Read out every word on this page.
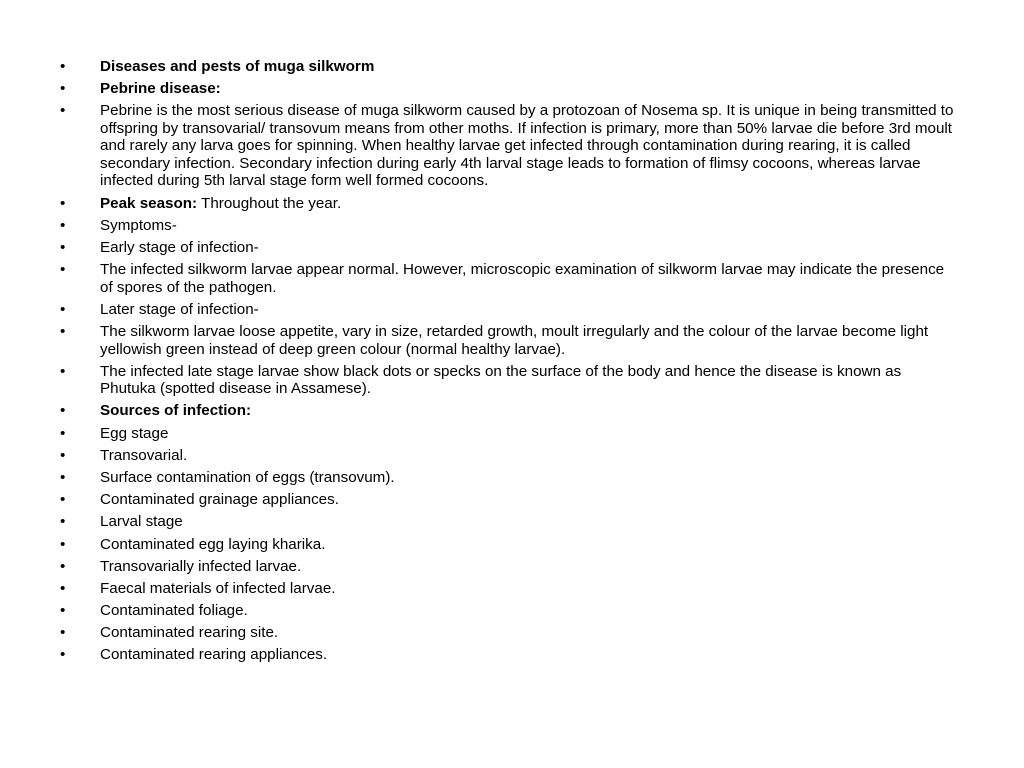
• Diseases and pests of muga silkworm
• Pebrine disease:
• Pebrine is the most serious disease of muga silkworm caused by a protozoan of Nosema sp. It is unique in being transmitted to offspring by transovarial/ transovum means from other moths. If infection is primary, more than 50% larvae die before 3rd moult and rarely any larva goes for spinning. When healthy larvae get infected through contamination during rearing, it is called secondary infection. Secondary infection during early 4th larval stage leads to formation of flimsy cocoons, whereas larvae infected during 5th larval stage form well formed cocoons.
• Peak season: Throughout the year.
• Symptoms-
• Early stage of infection-
• The infected silkworm larvae appear normal. However, microscopic examination of silkworm larvae may indicate the presence of spores of the pathogen.
• Later stage of infection-
• The silkworm larvae loose appetite, vary in size, retarded growth, moult irregularly and the colour of the larvae become light yellowish green instead of deep green colour (normal healthy larvae).
• The infected late stage larvae show black dots or specks on the surface of the body and hence the disease is known as Phutuka (spotted disease in Assamese).
• Sources of infection:
• Egg stage
• Transovarial.
• Surface contamination of eggs (transovum).
• Contaminated grainage appliances.
• Larval stage
• Contaminated egg laying kharika.
• Transovarially infected larvae.
• Faecal materials of infected larvae.
• Contaminated foliage.
• Contaminated rearing site.
• Contaminated rearing appliances.
